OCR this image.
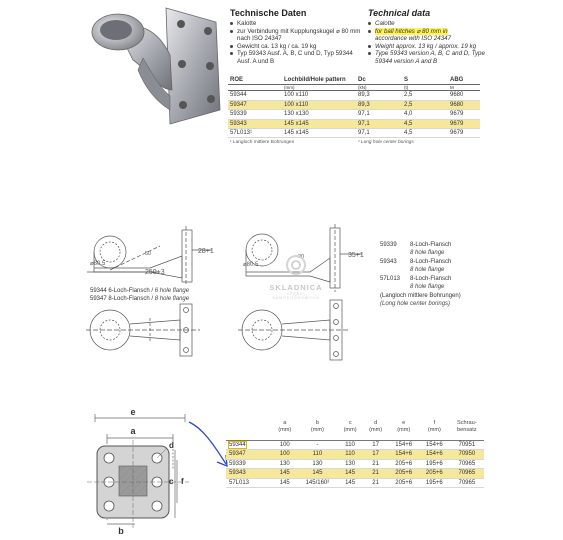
Technische Daten	Technical data
Kalotte
zur Verbindung mit Kupplungskugel ⌀ 80 mm nach ISO 24347
Gewicht ca. 13 kg / ca. 19 kg
Typ 59343 Ausf. A, B, C und D, Typ 59344 Ausf. A und B
Calotte
for ball hitches ⌀ 80 mm in
accordance with ISO 24347
Weight approx. 13 kg / approx. 19 kg
Type 59343 version A, B, C and D, Type 59344 version A and B
ROE	Lochbild/Hole pattern	Dc	S	ABG
	(mm)	(kN)	(t)	M
59344	100 x110	89,3	2,5	9680
59347	100 x110	89,3	2,5	9680
59339	130 x130	97,1	4,0	9679
59343	145 x145	97,1	4,5	9679
57L013¹	145 x145	97,1	4,5	9679
¹ Langloch mittlere Bohrungen	¹ Long hole center borings
28+1
⌀80.5
250+3
50	35+1
⌀80.5
30
SKLADNICA
CZĘŚCI SAMOCHODOWYCH
59344 6-Loch-Flansch / 6 hole flange
59347 8-Loch-Flansch / 8 hole flange
59339	8-Loch-Flansch
8 hole flange
59343	8-Loch-Flansch
8 hole flange
57L013	8-Loch-Flansch
8 hole flange
(Langloch mittlere Bohrungen)
(Long hole center borings)
e
a
c f
b
d
	a	b	c	d	e	f	Schrau-
	(mm)	(mm)	(mm)	(mm)	(mm)	(mm)	bensatz

59344	100	-	110	17	154+6	154+6	70951
59347	100	110	110	17	154+6	154+6	70950
59339	130	130	130	21	205+6	195+6	70965
59343	145	145	145	21	205+6	205+6	70965
57L013	145	145/160²	145	21	205+6	195+6	70965
